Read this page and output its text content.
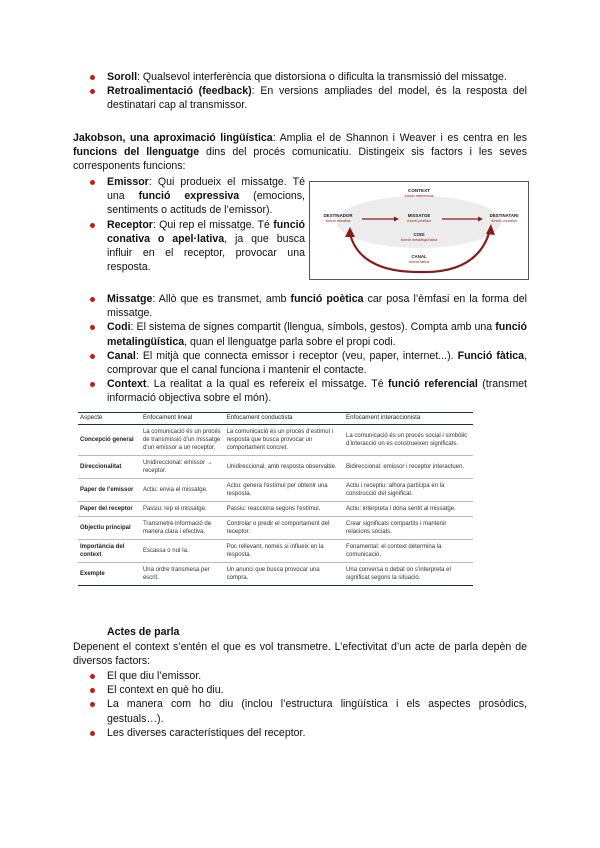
Soroll: Qualsevol interferència que distorsiona o dificulta la transmissió del missatge.
Retroalimentació (feedback): En versions ampliades del model, és la resposta del destinatari cap al transmissor.
Jakobson, una aproximació lingüística: Amplia el de Shannon i Weaver i es centra en les funcions del llenguatge dins del procés comunicatiu. Distingeix sis factors i les seves corresponents funcions:
Emissor: Qui produeix el missatge. Té una funció expressiva (emocions, sentiments o actituds de l’emissor).
Receptor: Qui rep el missatge. Té funció conativa o apel·lativa, ja que busca influir en el receptor, provocar una resposta.
CONTEXT
funció referencial
DESTINADOR
funció emotiva
MISSATGE
funció poètica
DESTINATARI
funció conativa
CODI
funció metalingüística
CANAL
funció fàtica
Missatge: Allò que es transmet, amb funció poètica car posa l’èmfasi en la forma del missatge.
Codi: El sistema de signes compartit (llengua, símbols, gestos). Compta amb una funció metalingüística, quan el llenguatge parla sobre el propi codi.
Canal: El mitjà que connecta emissor i receptor (veu, paper, internet...). Funció fàtica, comprovar que el canal funciona i mantenir el contacte.
Context. La realitat a la qual es refereix el missatge. Té funció referencial (transmet informació objectiva sobre el món).
Aspecte	Enfocament lineal	Enfocament conductista	Enfocament interaccionista
Concepció general	La comunicació és un procés de transmissió d’un missatge d’un emissor a un receptor.	La comunicació és un procés d’estímul i resposta que busca provocar un comportament concret.	La comunicació és un procés social i simbòlic d’interacció on es construeixen significats.
Direccionalitat	Unidireccional: emissor → receptor.	Unidireccional, amb resposta observable.	Bidireccional: emissor i receptor interactuen.
Paper de l’emissor	Actiu: envia el missatge.	Actiu: genera l’estímul per obtenir una resposta.	Actiu i receptiu: alhora participa en la construcció del significat.
Paper del receptor	Passiu: rep el missatge.	Passiu: reacciona segons l’estímul.	Actiu: interpreta i dóna sentit al missatge.
Objectiu principal	Transmetre informació de manera clara i efectiva.	Controlar o predir el comportament del receptor.	Crear significats compartits i mantenir relacions socials.
Importància del context	Escassa o nul·la.	Poc rellevant, només si influeix en la resposta.	Fonamental: el context determina la comunicació.
Exemple	Una ordre transmesa per escrit.	Un anunci que busca provocar una compra.	Una conversa o debat on s’interpreta el significat segons la situació.
Actes de parla
Depenent el context s’entén el que es vol transmetre. L’efectivitat d’un acte de parla depèn de diversos factors:
El que diu l’emissor.
El context en què ho diu.
La manera com ho diu (inclou l’estructura lingüística i els aspectes prosòdics, gestuals…).
Les diverses característiques del receptor.
